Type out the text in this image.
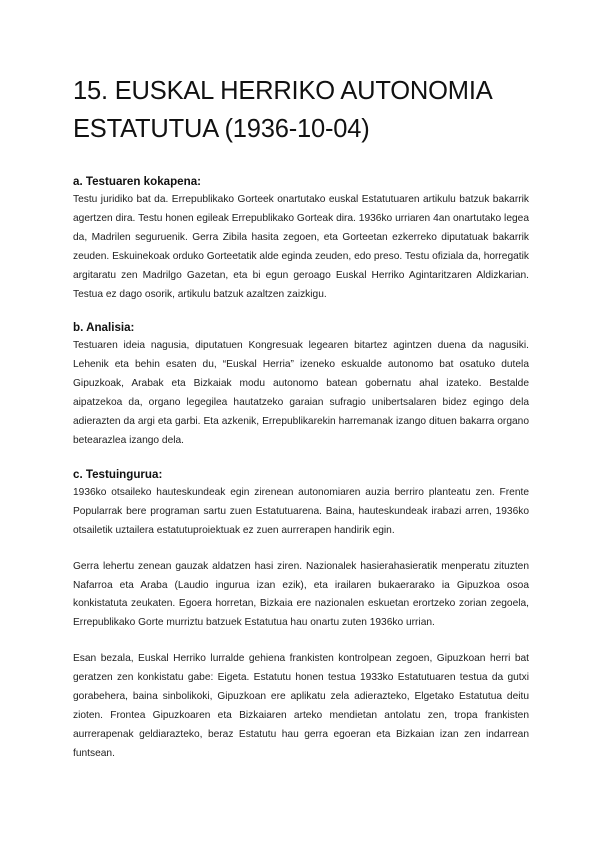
15. EUSKAL HERRIKO AUTONOMIA ESTATUTUA (1936-10-04)
a. Testuaren kokapena:

Testu juridiko bat da. Errepublikako Gorteek onartutako euskal Estatutuaren artikulu batzuk bakarrik agertzen dira. Testu honen egileak Errepublikako Gorteak dira. 1936ko urriaren 4an onartutako legea da, Madrilen seguruenik. Gerra Zibila hasita zegoen, eta Gorteetan ezkerreko diputatuak bakarrik zeuden. Eskuinekoak orduko Gorteetatik alde eginda zeuden, edo preso. Testu ofiziala da, horregatik argitaratu zen Madrilgo Gazetan, eta bi egun geroago Euskal Herriko Agintaritzaren Aldizkarian. Testua ez dago osorik, artikulu batzuk azaltzen zaizkigu.

b. Analisia:

Testuaren ideia nagusia, diputatuen Kongresuak legearen bitartez agintzen duena da nagusiki. Lehenik eta behin esaten du, “Euskal Herria” izeneko eskualde autonomo bat osatuko dutela Gipuzkoak, Arabak eta Bizkaiak modu autonomo batean gobernatu ahal izateko. Bestalde aipatzekoa da, organo legegilea hautatzeko garaian sufragio unibertsalaren bidez egingo dela adierazten da argi eta garbi. Eta azkenik, Errepublikarekin harremanak izango dituen bakarra organo betearazlea izango dela.

c. Testuingurua:

1936ko otsaileko hauteskundeak egin zirenean autonomiaren auzia berriro planteatu zen. Frente Popularrak bere programan sartu zuen Estatutuarena. Baina, hauteskundeak irabazi arren, 1936ko otsailetik uztailera estatutuproiektuak ez zuen aurrerapen handirik egin.

Gerra lehertu zenean gauzak aldatzen hasi ziren. Nazionalek hasierahasieratik menperatu zituzten Nafarroa eta Araba (Laudio ingurua izan ezik), eta irailaren bukaerarako ia Gipuzkoa osoa konkistatuta zeukaten. Egoera horretan, Bizkaia ere nazionalen eskuetan erortzeko zorian zegoela, Errepublikako Gorte murriztu batzuek Estatutua hau onartu zuten 1936ko urrian.

Esan bezala, Euskal Herriko lurralde gehiena frankisten kontrolpean zegoen, Gipuzkoan herri bat geratzen zen konkistatu gabe: Eigeta. Estatutu honen testua 1933ko Estatutuaren testua da gutxi gorabehera, baina sinbolikoki, Gipuzkoan ere aplikatu zela adierazteko, Elgetako Estatutua deitu zioten. Frontea Gipuzkoaren eta Bizkaiaren arteko mendietan antolatu zen, tropa frankisten aurrerapenak geldiarazteko, beraz Estatutu hau gerra egoeran eta Bizkaian izan zen indarrean funtsean.
